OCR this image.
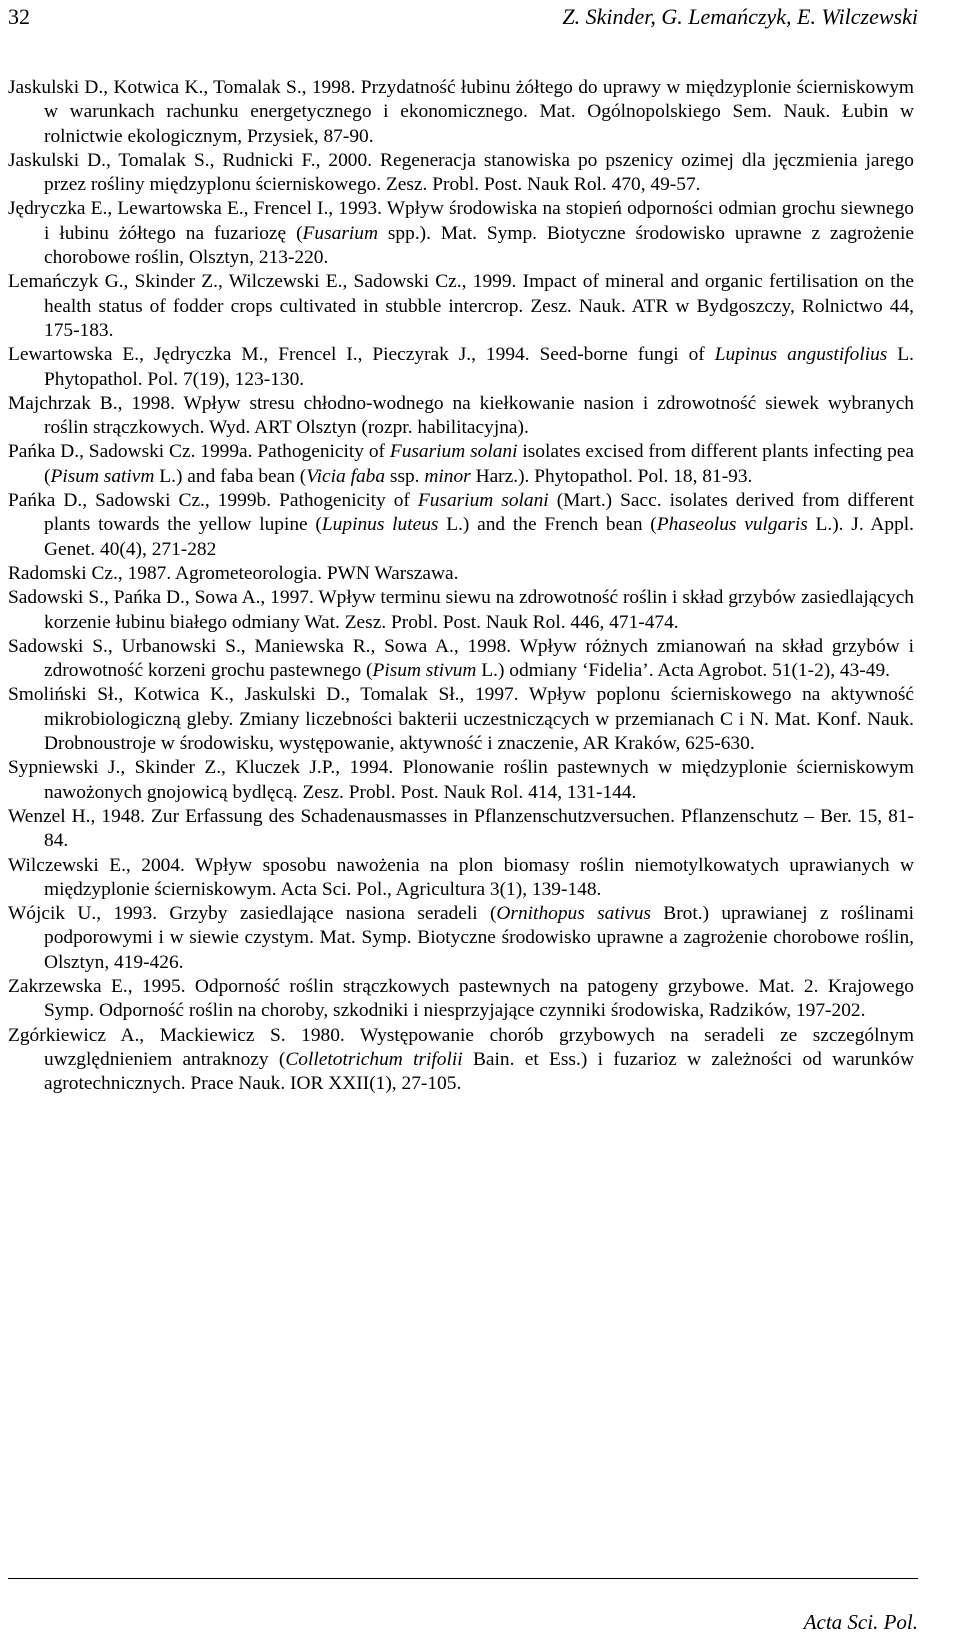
32	Z. Skinder, G. Lemańczyk, E. Wilczewski

Jaskulski D., Kotwica K., Tomalak S., 1998. Przydatność łubinu żółtego do uprawy w międzyplonie ścierniskowym w warunkach rachunku energetycznego i ekonomicznego. Mat. Ogólnopolskiego Sem. Nauk. Łubin w rolnictwie ekologicznym, Przysiek, 87-90.

Jaskulski D., Tomalak S., Rudnicki F., 2000. Regeneracja stanowiska po pszenicy ozimej dla jęczmienia jarego przez rośliny międzyplonu ścierniskowego. Zesz. Probl. Post. Nauk Rol. 470, 49-57.

Jędryczka E., Lewartowska E., Frencel I., 1993. Wpływ środowiska na stopień odporności odmian grochu siewnego i łubinu żółtego na fuzariozę (Fusarium spp.). Mat. Symp. Biotyczne środowisko uprawne z zagrożenie chorobowe roślin, Olsztyn, 213-220.

Lemańczyk G., Skinder Z., Wilczewski E., Sadowski Cz., 1999. Impact of mineral and organic fertilisation on the health status of fodder crops cultivated in stubble intercrop. Zesz. Nauk. ATR w Bydgoszczy, Rolnictwo 44, 175-183.

Lewartowska E., Jędryczka M., Frencel I., Pieczyrak J., 1994. Seed-borne fungi of Lupinus angustifolius L. Phytopathol. Pol. 7(19), 123-130.

Majchrzak B., 1998. Wpływ stresu chłodno-wodnego na kiełkowanie nasion i zdrowotność siewek wybranych roślin strączkowych. Wyd. ART Olsztyn (rozpr. habilitacyjna).

Pańka D., Sadowski Cz. 1999a. Pathogenicity of Fusarium solani isolates excised from different plants infecting pea (Pisum sativm L.) and faba bean (Vicia faba ssp. minor Harz.). Phytopathol. Pol. 18, 81-93.

Pańka D., Sadowski Cz., 1999b. Pathogenicity of Fusarium solani (Mart.) Sacc. isolates derived from different plants towards the yellow lupine (Lupinus luteus L.) and the French bean (Phaseolus vulgaris L.). J. Appl. Genet. 40(4), 271-282

Radomski Cz., 1987. Agrometeorologia. PWN Warszawa.

Sadowski S., Pańka D., Sowa A., 1997. Wpływ terminu siewu na zdrowotność roślin i skład grzybów zasiedlających korzenie łubinu białego odmiany Wat. Zesz. Probl. Post. Nauk Rol. 446, 471-474.

Sadowski S., Urbanowski S., Maniewska R., Sowa A., 1998. Wpływ różnych zmianowań na skład grzybów i zdrowotność korzeni grochu pastewnego (Pisum stivum L.) odmiany ‘Fidelia’. Acta Agrobot. 51(1-2), 43-49.

Smoliński Sł., Kotwica K., Jaskulski D., Tomalak Sł., 1997. Wpływ poplonu ścierniskowego na aktywność mikrobiologiczną gleby. Zmiany liczebności bakterii uczestniczących w przemianach C i N. Mat. Konf. Nauk. Drobnoustroje w środowisku, występowanie, aktywność i znaczenie, AR Kraków, 625-630.

Sypniewski J., Skinder Z., Kluczek J.P., 1994. Plonowanie roślin pastewnych w międzyplonie ścierniskowym nawożonych gnojowicą bydlęcą. Zesz. Probl. Post. Nauk Rol. 414, 131-144.

Wenzel H., 1948. Zur Erfassung des Schadenausmasses in Pflanzenschutzversuchen. Pflanzenschutz – Ber. 15, 81-84.

Wilczewski E., 2004. Wpływ sposobu nawożenia na plon biomasy roślin niemotylkowatych uprawianych w międzyplonie ścierniskowym. Acta Sci. Pol., Agricultura 3(1), 139-148.

Wójcik U., 1993. Grzyby zasiedlające nasiona seradeli (Ornithopus sativus Brot.) uprawianej z roślinami podporowymi i w siewie czystym. Mat. Symp. Biotyczne środowisko uprawne a zagrożenie chorobowe roślin, Olsztyn, 419-426.

Zakrzewska E., 1995. Odporność roślin strączkowych pastewnych na patogeny grzybowe. Mat. 2. Krajowego Symp. Odporność roślin na choroby, szkodniki i niesprzyjające czynniki środowiska, Radzików, 197-202.

Zgórkiewicz A., Mackiewicz S. 1980. Występowanie chorób grzybowych na seradeli ze szczególnym uwzględnieniem antraknozy (Colletotrichum trifolii Bain. et Ess.) i fuzarioz w zależności od warunków agrotechnicznych. Prace Nauk. IOR XXII(1), 27-105.

Acta Sci. Pol.
